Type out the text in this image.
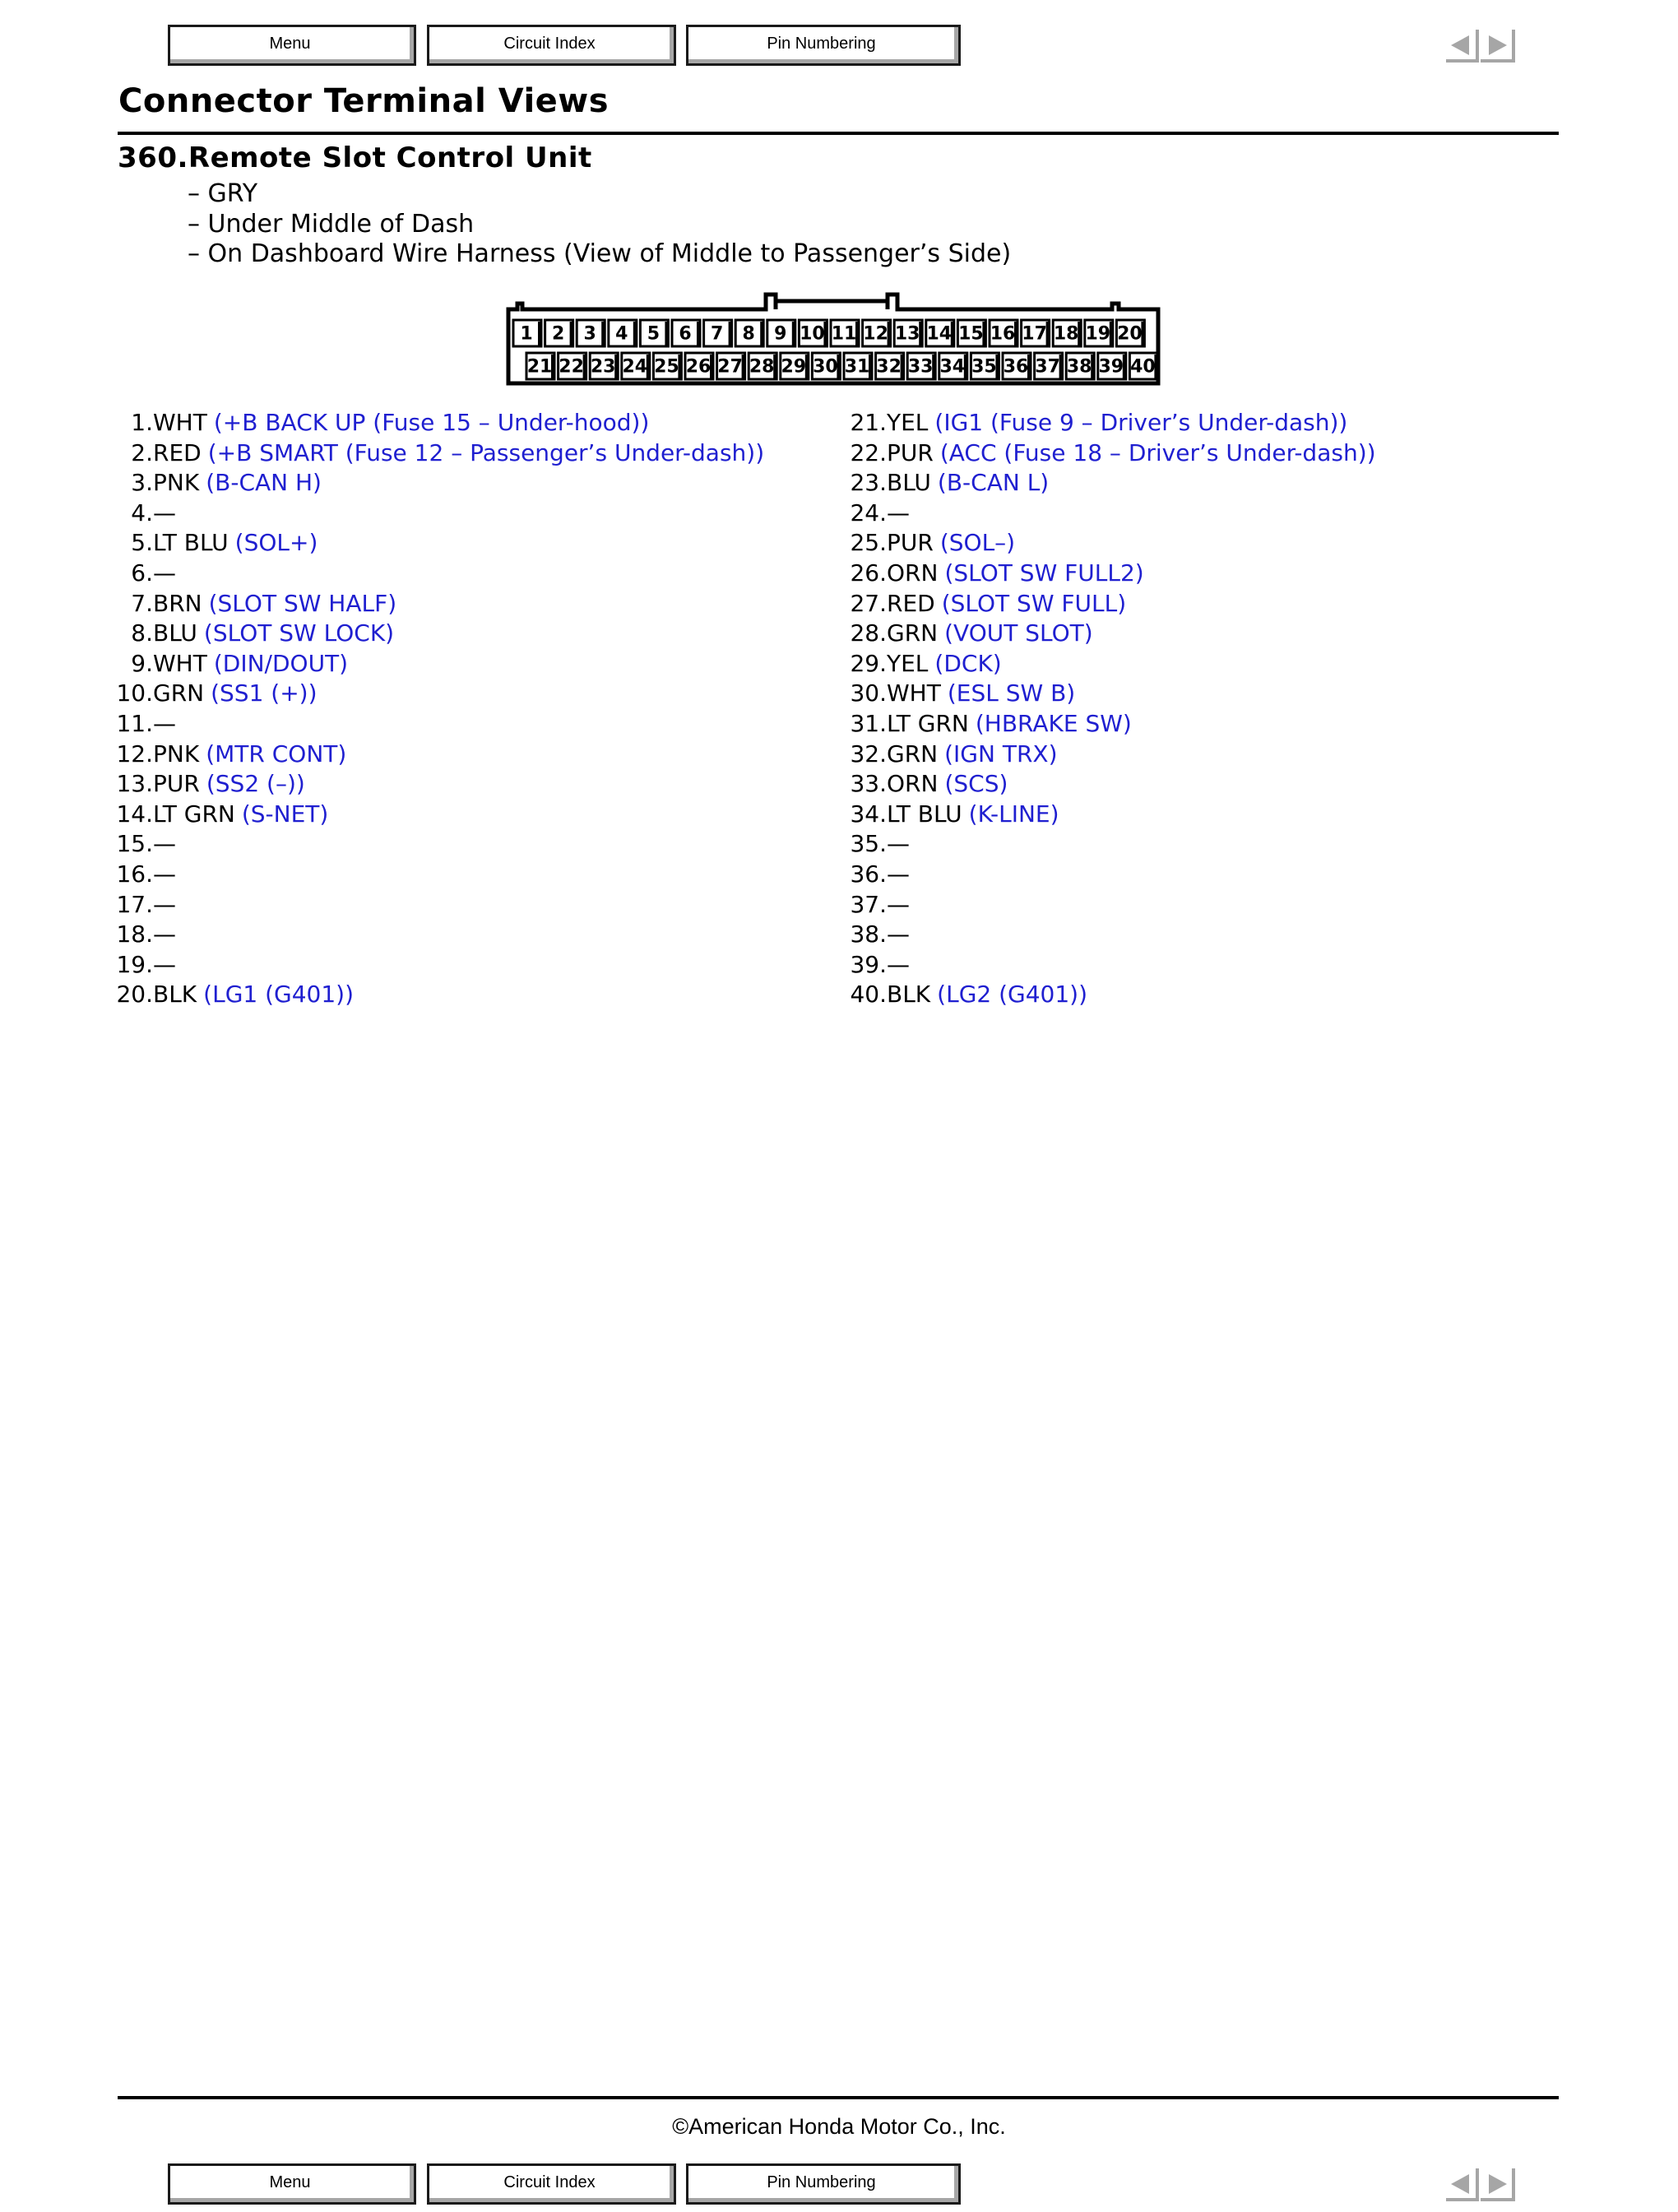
Menu	Circuit Index	Pin Numbering
Connector Terminal Views
360.Remote Slot Control Unit
– GRY
– Under Middle of Dash
– On Dashboard Wire Harness (View of Middle to Passenger’s Side)
1 2 3 4 5 6 7 8 9 10 11 12 13 14 15 16 17 18 19 20
21 22 23 24 25 26 27 28 29 30 31 32 33 34 35 36 37 38 39 40
1. WHT (+B BACK UP (Fuse 15 – Under-hood))
2. RED (+B SMART (Fuse 12 – Passenger’s Under-dash))
3. PNK (B-CAN H)
4. —
5. LT BLU (SOL+)
6. —
7. BRN (SLOT SW HALF)
8. BLU (SLOT SW LOCK)
9. WHT (DIN/DOUT)
10. GRN (SS1 (+))
11. —
12. PNK (MTR CONT)
13. PUR (SS2 (–))
14. LT GRN (S-NET)
15. —
16. —
17. —
18. —
19. —
20. BLK (LG1 (G401))
21. YEL (IG1 (Fuse 9 – Driver’s Under-dash))
22. PUR (ACC (Fuse 18 – Driver’s Under-dash))
23. BLU (B-CAN L)
24. —
25. PUR (SOL–)
26. ORN (SLOT SW FULL2)
27. RED (SLOT SW FULL)
28. GRN (VOUT SLOT)
29. YEL (DCK)
30. WHT (ESL SW B)
31. LT GRN (HBRAKE SW)
32. GRN (IGN TRX)
33. ORN (SCS)
34. LT BLU (K-LINE)
35. —
36. —
37. —
38. —
39. —
40. BLK (LG2 (G401))

©American Honda Motor Co., Inc.

Menu	Circuit Index	Pin Numbering
